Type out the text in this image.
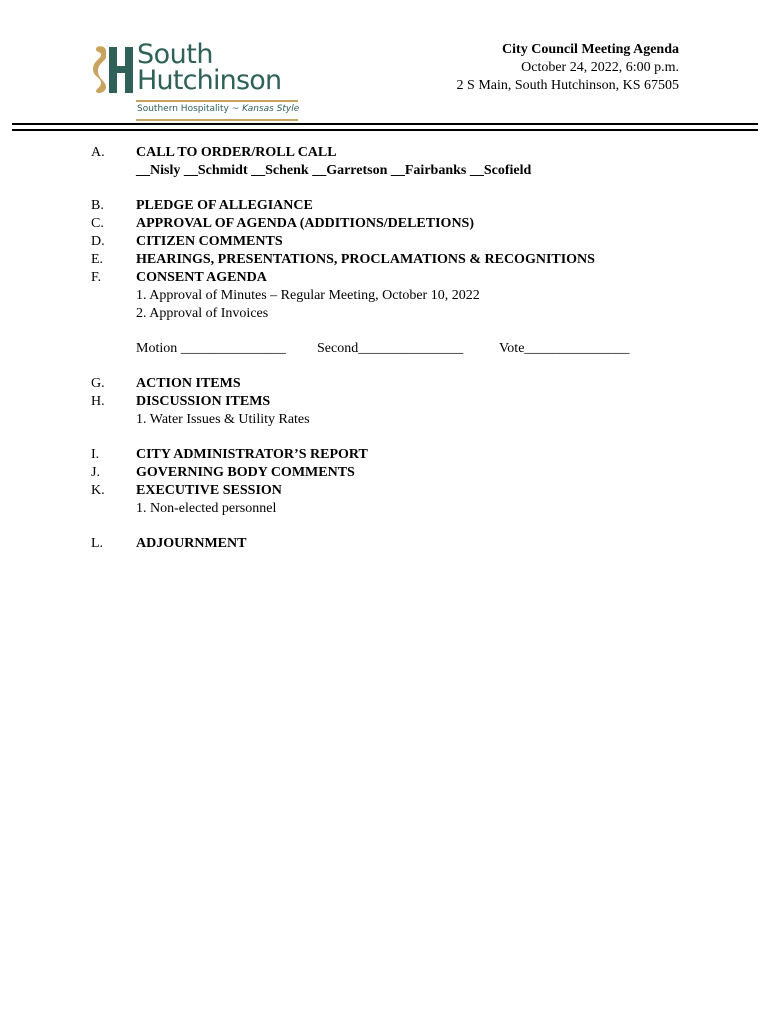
South
Hutchinson
Southern Hospitality ~ Kansas Style
City Council Meeting Agenda
October 24, 2022, 6:00 p.m.
2 S Main, South Hutchinson, KS 67505
A. CALL TO ORDER/ROLL CALL
__Nisly __Schmidt __Schenk __Garretson __Fairbanks __Scofield
B. PLEDGE OF ALLEGIANCE
C. APPROVAL OF AGENDA (ADDITIONS/DELETIONS)
D. CITIZEN COMMENTS
E. HEARINGS, PRESENTATIONS, PROCLAMATIONS & RECOGNITIONS
F. CONSENT AGENDA
1. Approval of Minutes – Regular Meeting, October 10, 2022
2. Approval of Invoices
Motion _______________ Second_______________	Vote_______________
G. ACTION ITEMS
H. DISCUSSION ITEMS
1. Water Issues & Utility Rates
I.	CITY ADMINISTRATOR’S REPORT
J.	GOVERNING BODY COMMENTS
K. EXECUTIVE SESSION
1. Non-elected personnel
L. ADJOURNMENT
